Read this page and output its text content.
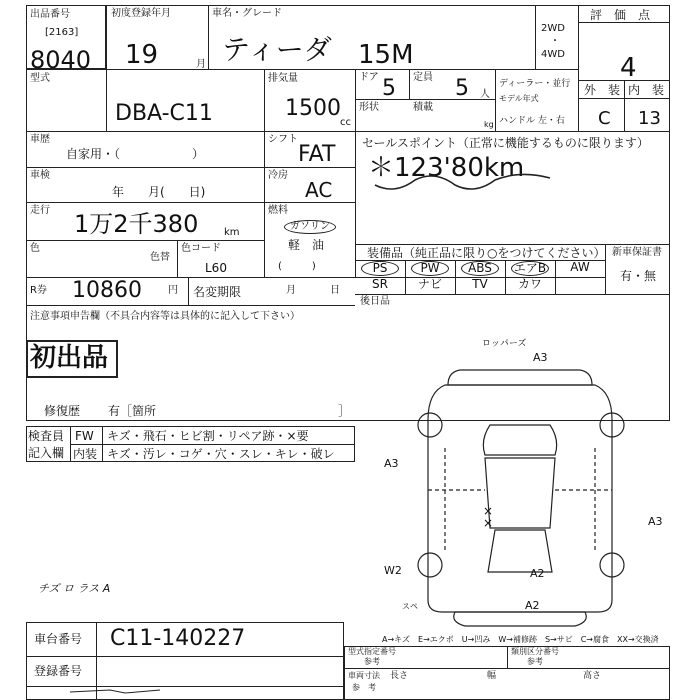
出品番号
[2163]
8040
初度登録年月
19	月
車名・グレード
ティーダ 15M
2WD
・
4WD
評　価　点
4
外　装 内　装
C 13
型式
DBA-C11
排気量
1500
cc
ドア 5 定員 5 人
形状	積載
kg
ディーラー・並行
モデル年式
ハンドル 左・右
車歴
自家用・（　　　　　　）
シフト
FAT
車検
年　　月(　　日)
冷房
AC
走行 1万2千380	km
燃料
ガソリン
軽　油
(　　　)
色
色替
色コード
L60
セールスポイント（正常に機能するものに限ります）
＊123'80km
装備品（純正品に限り○をつけてください） 新車保証書
有・無
PS	PW	ABS	エアB	AW
SR	ナビ	TV	カワ
後日品
R券 10860	円 名変期限	月	日
注意事項申告欄（不具合内容等は具体的に記入して下さい）
初出品
修復歴 有［箇所	］
検査員
記入欄
FW キズ・飛石・ヒビ割・リペア跡・×要
内装 キズ・汚レ・コゲ・穴・スレ・キレ・破レ
チズ ロ ラス A
ロッパーズ
A3
A3
A3
A2
A2
W2
スペ
×
×
A→キズ　E→エクボ　U→凹み　W→補修跡　S→サビ　C→腐食　XX→交換済
車台番号 C11-140227
登録番号
型式指定番号
参考
類別区分番号
参考
車両寸法
参　考
長さ	幅	高さ
